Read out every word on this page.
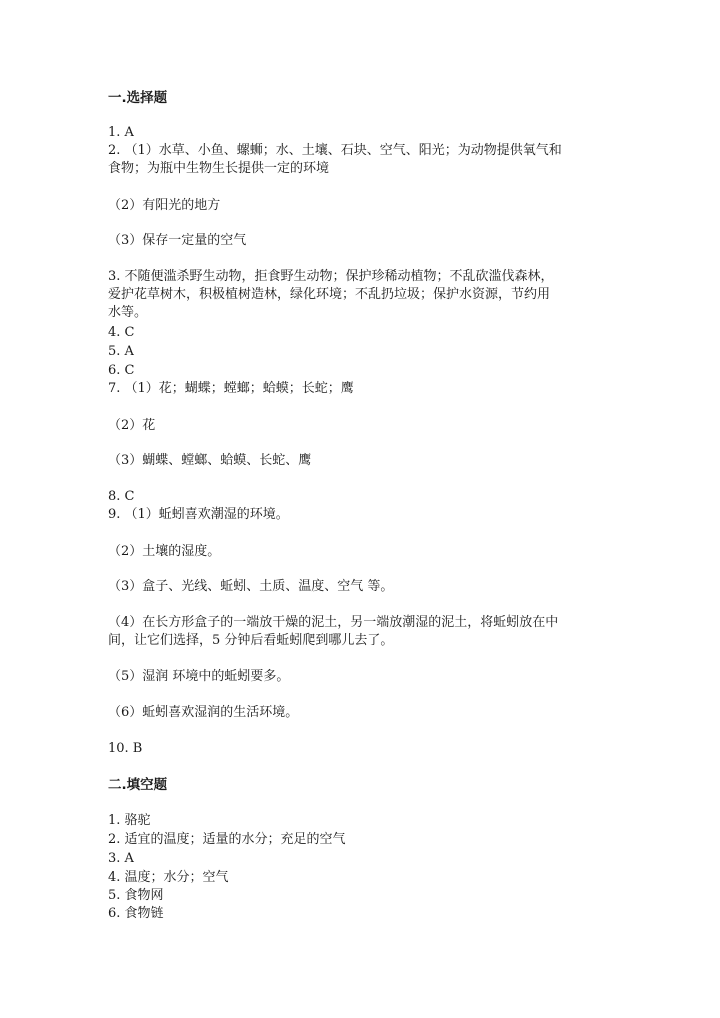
一.选择题

1. A

2. （1）水草、小鱼、螺蛳；水、土壤、石块、空气、阳光；为动物提供氧气和

食物；为瓶中生物生长提供一定的环境

（2）有阳光的地方

（3）保存一定量的空气

3. 不随便滥杀野生动物，拒食野生动物；保护珍稀动植物；不乱砍滥伐森林，

爱护花草树木，积极植树造林，绿化环境；不乱扔垃圾；保护水资源，节约用

水等。

4. C

5. A

6. C

7. （1）花；蝴蝶；螳螂；蛤蟆；长蛇；鹰

（2）花

（3）蝴蝶、螳螂、蛤蟆、长蛇、鹰

8. C

9. （1）蚯蚓喜欢潮湿的环境。

（2）土壤的湿度。

（3）盒子、光线、蚯蚓、土质、温度、空气 等。

（4）在长方形盒子的一端放干燥的泥土，另一端放潮湿的泥土，将蚯蚓放在中

间，让它们选择，5 分钟后看蚯蚓爬到哪儿去了。

（5）湿润 环境中的蚯蚓要多。

（6）蚯蚓喜欢湿润的生活环境。

10. B

二.填空题

1. 骆驼

2. 适宜的温度；适量的水分；充足的空气

3. A

4. 温度；水分；空气

5. 食物网

6. 食物链
